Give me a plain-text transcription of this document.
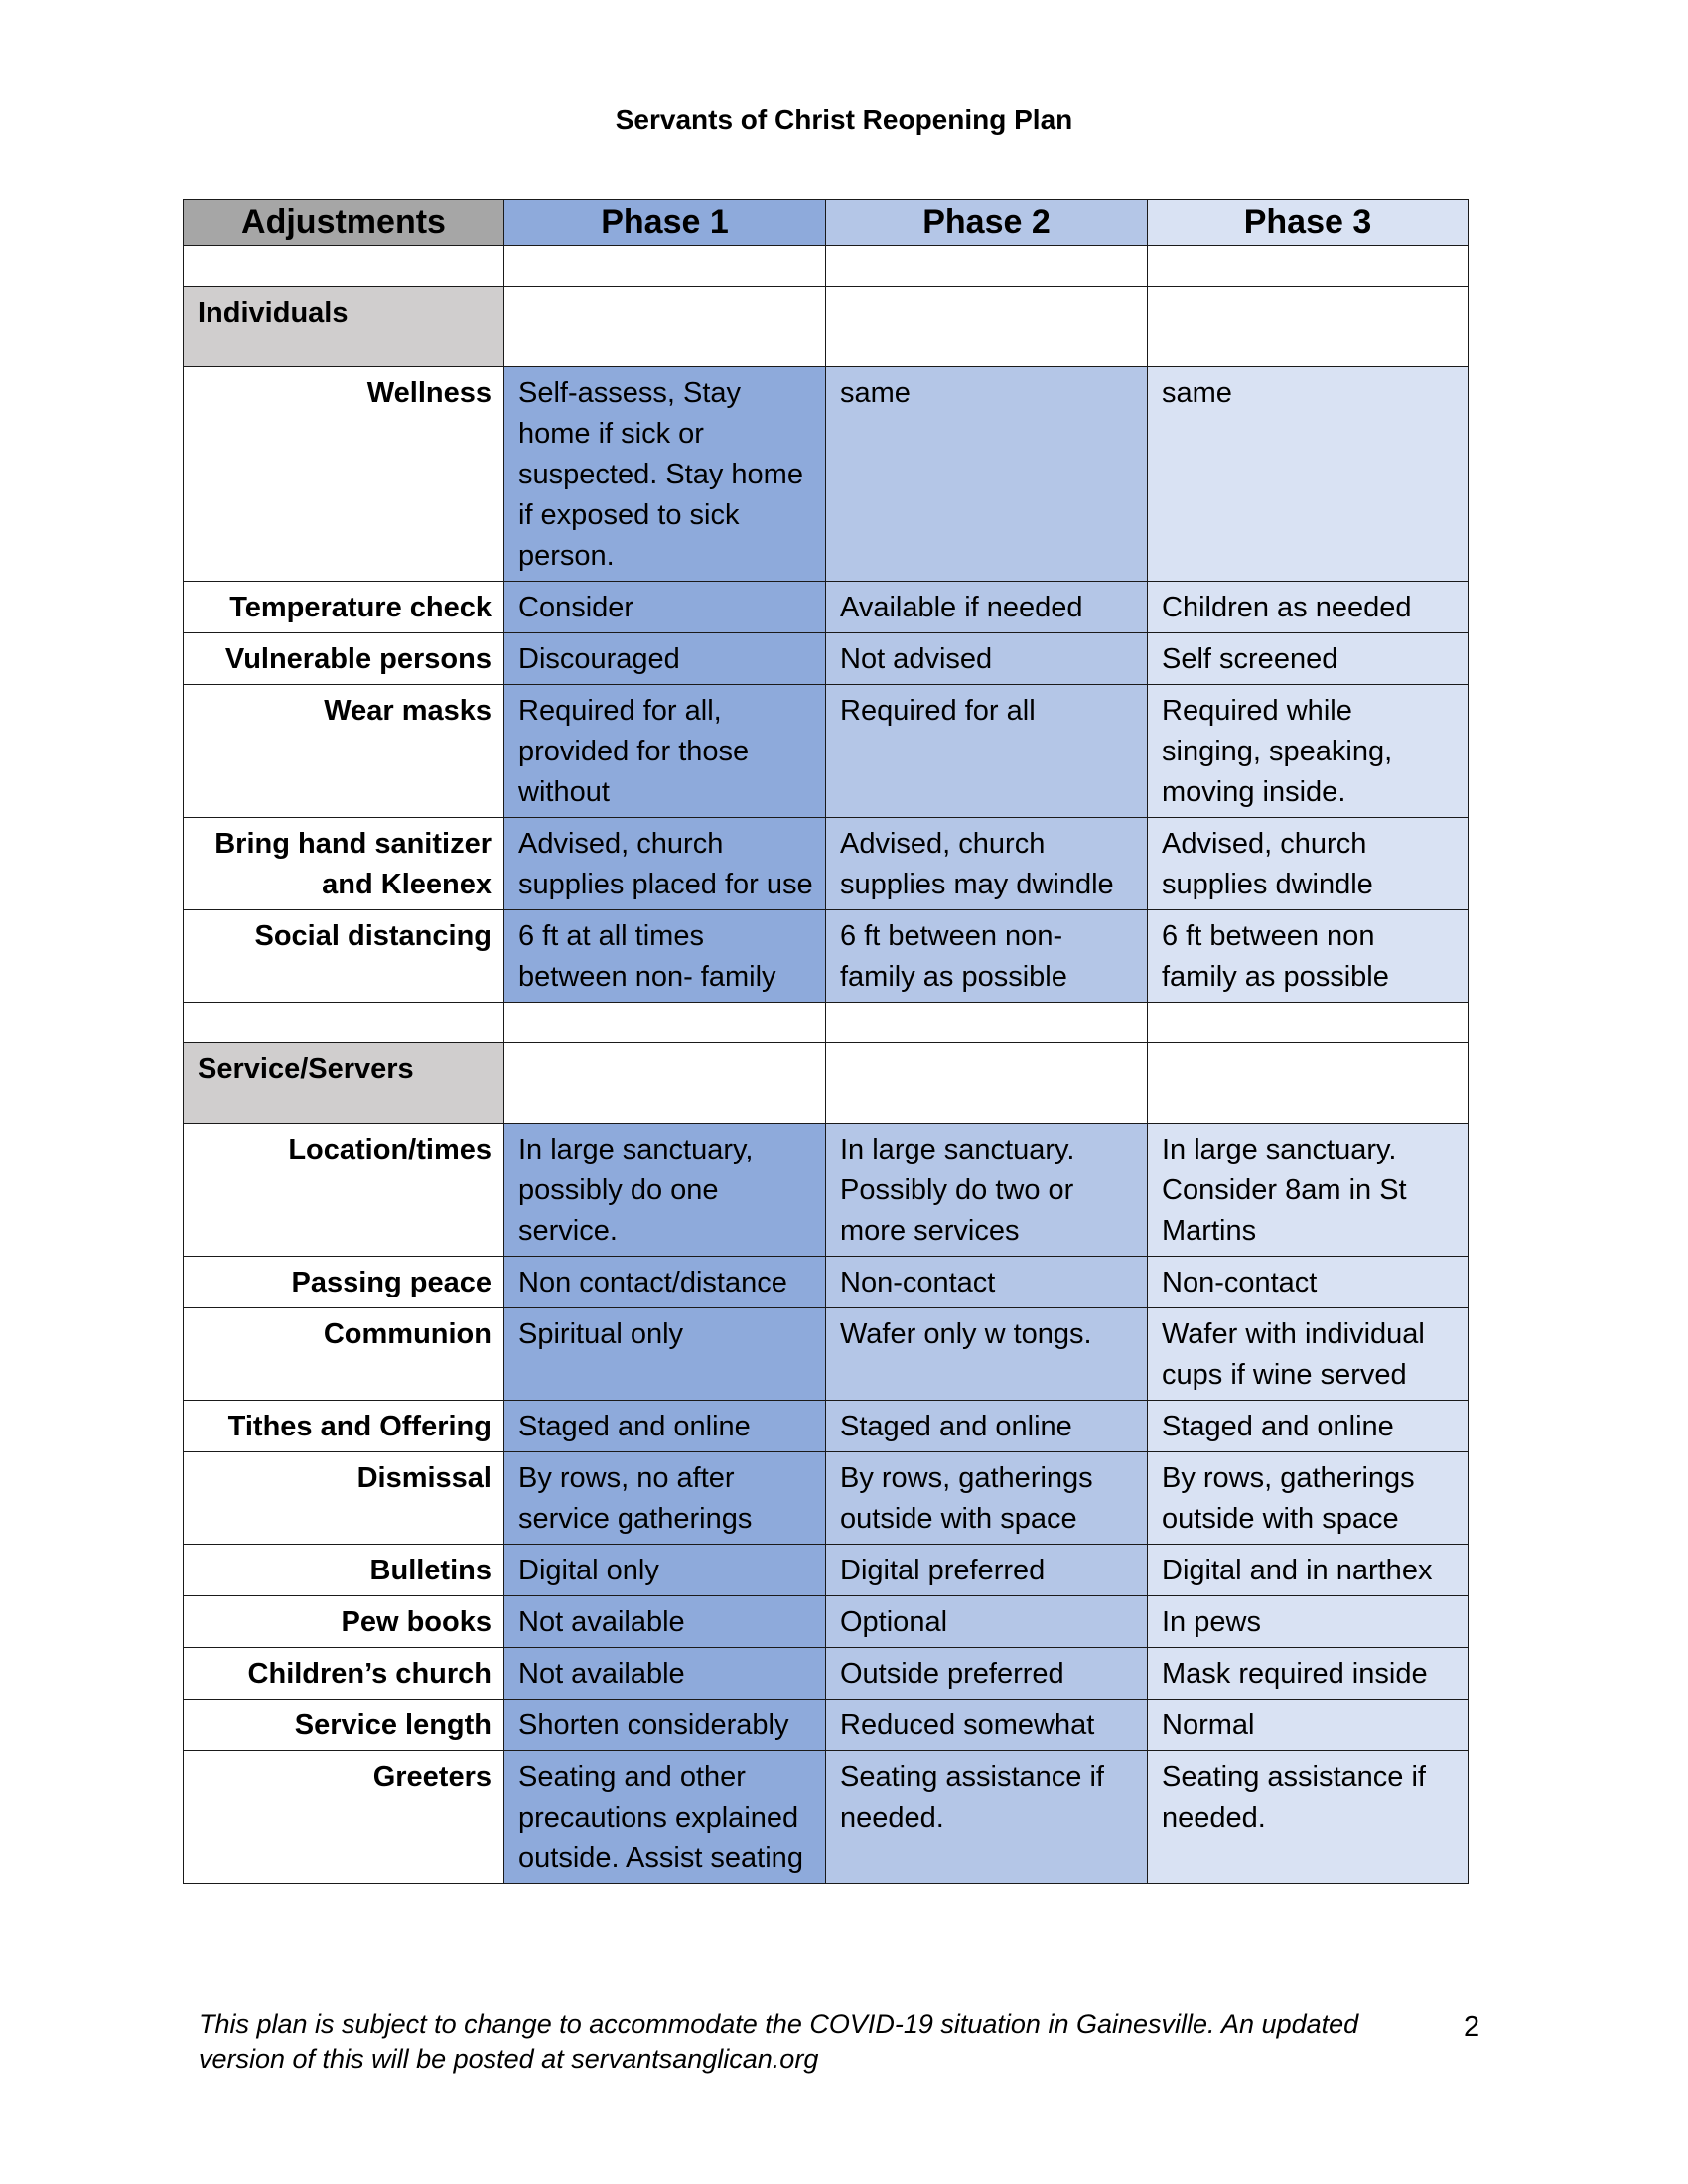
Servants of Christ Reopening Plan
Adjustments	Phase 1	Phase 2	Phase 3

Individuals			
Wellness	Self-assess, Stay home if sick or suspected. Stay home if exposed to sick person.	same	same
Temperature check	Consider	Available if needed	Children as needed
Vulnerable persons	Discouraged	Not advised	Self screened
Wear masks	Required for all, provided for those without	Required for all	Required while singing, speaking, moving inside.
Bring hand sanitizer and Kleenex	Advised, church supplies placed for use	Advised, church supplies may dwindle	Advised, church supplies dwindle
Social distancing	6 ft at all times between non- family	6 ft between non-family as possible	6 ft between non family as possible

Service/Servers			
Location/times	In large sanctuary, possibly do one service.	In large sanctuary. Possibly do two or more services	In large sanctuary. Consider 8am in St Martins
Passing peace	Non contact/distance	Non-contact	Non-contact
Communion	Spiritual only	Wafer only w tongs.	Wafer with individual cups if wine served
Tithes and Offering	Staged and online	Staged and online	Staged and online
Dismissal	By rows, no after service gatherings	By rows, gatherings outside with space	By rows, gatherings outside with space
Bulletins	Digital only	Digital preferred	Digital and in narthex
Pew books	Not available	Optional	In pews
Children’s church	Not available	Outside preferred	Mask required inside
Service length	Shorten considerably	Reduced somewhat	Normal
Greeters	Seating and other precautions explained outside. Assist seating	Seating assistance if needed.	Seating assistance if needed.
This plan is subject to change to accommodate the COVID-19 situation in Gainesville. An updated version of this will be posted at servantsanglican.org
2
